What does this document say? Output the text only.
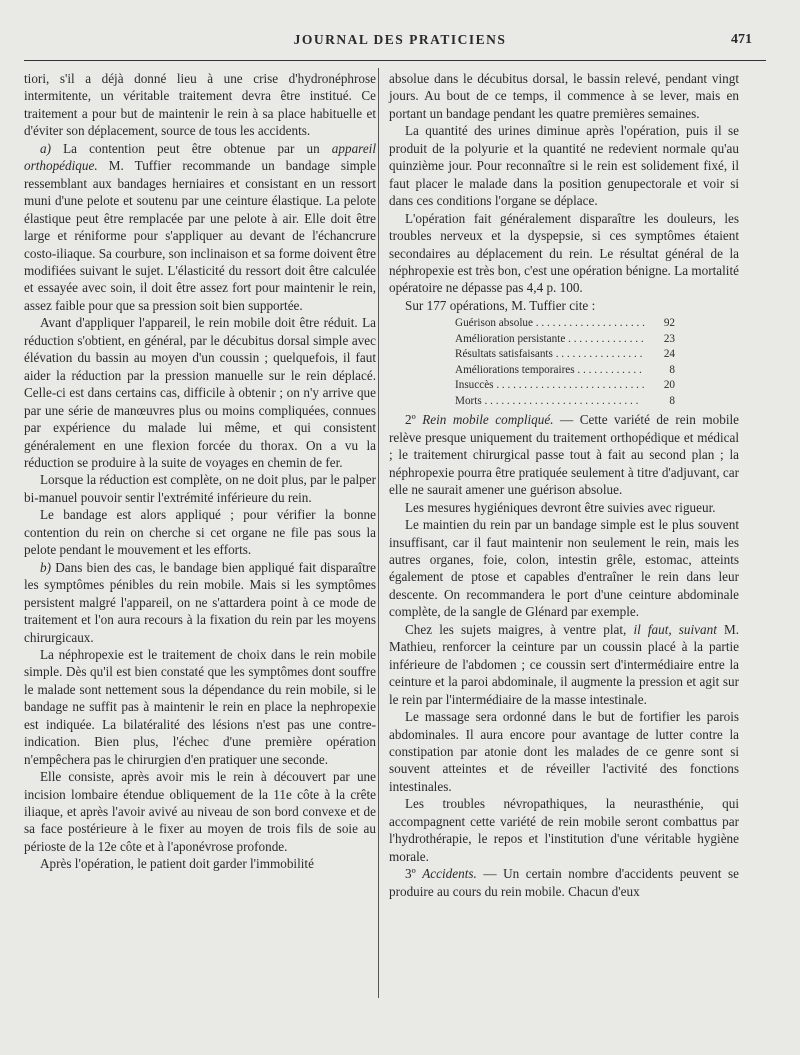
JOURNAL DES PRATICIENS	471

tiori, s'il a déjà donné lieu à une crise d'hydronéphrose intermitente, un véritable traitement devra être institué. Ce traitement a pour but de maintenir le rein à sa place habituelle et d'éviter son déplacement, source de tous les accidents.

a) La contention peut être obtenue par un appareil orthopédique. M. Tuffier recommande un bandage simple ressemblant aux bandages herniaires et consistant en un ressort muni d'une pelote et soutenu par une ceinture élastique. La pelote élastique peut être remplacée par une pelote à air. Elle doit être large et réniforme pour s'appliquer au devant de l'échancrure costo-iliaque. Sa courbure, son inclinaison et sa forme doivent être modifiées suivant le sujet. L'élasticité du ressort doit être calculée et essayée avec soin, il doit être assez fort pour maintenir le rein, assez faible pour que sa pression soit bien supportée.

Avant d'appliquer l'appareil, le rein mobile doit être réduit. La réduction s'obtient, en général, par le décubitus dorsal simple avec élévation du bassin au moyen d'un coussin ; quelquefois, il faut aider la réduction par la pression manuelle sur le rein déplacé. Celle-ci est dans certains cas, difficile à obtenir ; on n'y arrive que par une série de manœuvres plus ou moins compliquées, connues par expérience du malade lui même, et qui consistent généralement en une flexion forcée du thorax. On a vu la réduction se produire à la suite de voyages en chemin de fer.

Lorsque la réduction est complète, on ne doit plus, par le palper bi-manuel pouvoir sentir l'extrémité inférieure du rein.

Le bandage est alors appliqué ; pour vérifier la bonne contention du rein on cherche si cet organe ne file pas sous la pelote pendant le mouvement et les efforts.

b) Dans bien des cas, le bandage bien appliqué fait disparaître les symptômes pénibles du rein mobile. Mais si les symptômes persistent malgré l'appareil, on ne s'attardera point à ce mode de traitement et l'on aura recours à la fixation du rein par les moyens chirurgicaux.

La néphropexie est le traitement de choix dans le rein mobile simple. Dès qu'il est bien constaté que les symptômes dont souffre le malade sont nettement sous la dépendance du rein mobile, si le bandage ne suffit pas à maintenir le rein en place la nephropexie est indiquée. La bilatéralité des lésions n'est pas une contre-indication. Bien plus, l'échec d'une première opération n'empêchera pas le chirurgien d'en pratiquer une seconde.

Elle consiste, après avoir mis le rein à découvert par une incision lombaire étendue obliquement de la 11e côte à la crête iliaque, et après l'avoir avivé au niveau de son bord convexe et de sa face postérieure à le fixer au moyen de trois fils de soie au périoste de la 12e côte et à l'aponévrose profonde.

Après l'opération, le patient doit garder l'immobilité

absolue dans le décubitus dorsal, le bassin relevé, pendant vingt jours. Au bout de ce temps, il commence à se lever, mais en portant un bandage pendant les quatre premières semaines.

La quantité des urines diminue après l'opération, puis il se produit de la polyurie et la quantité ne redevient normale qu'au quinzième jour. Pour reconnaître si le rein est solidement fixé, il faut placer le malade dans la position genupectorale et voir si dans ces conditions l'organe se déplace.

L'opération fait généralement disparaître les douleurs, les troubles nerveux et la dyspepsie, si ces symptômes étaient secondaires au déplacement du rein. Le résultat général de la néphropexie est très bon, c'est une opération bénigne. La mortalité opératoire ne dépasse pas 4,4 p. 100.

Sur 177 opérations, M. Tuffier cite :

Guérison absolue . . .	92
Amélioration persistante . . .	23
Résultats satisfaisants . . .	24
Améliorations temporaires . . .	8
Insuccès . . .	20
Morts . . .	8

2º Rein mobile compliqué. — Cette variété de rein mobile relève presque uniquement du traitement orthopédique et médical ; le traitement chirurgical passe tout à fait au second plan ; la néphropexie pourra être pratiquée seulement à titre d'adjuvant, car elle ne saurait amener une guérison absolue.

Les mesures hygiéniques devront être suivies avec rigueur.

Le maintien du rein par un bandage simple est le plus souvent insuffisant, car il faut maintenir non seulement le rein, mais les autres organes, foie, colon, intestin grêle, estomac, atteints également de ptose et capables d'entraîner le rein dans leur descente. On recommandera le port d'une ceinture abdominale complète, de la sangle de Glénard par exemple.

Chez les sujets maigres, à ventre plat, il faut, suivant M. Mathieu, renforcer la ceinture par un coussin placé à la partie inférieure de l'abdomen ; ce coussin sert d'intermédiaire entre la ceinture et la paroi abdominale, il augmente la pression et agit sur le rein par l'intermédiaire de la masse intestinale.

Le massage sera ordonné dans le but de fortifier les parois abdominales. Il aura encore pour avantage de lutter contre la constipation par atonie dont les malades de ce genre sont si souvent atteintes et de réveiller l'activité des fonctions intestinales.

Les troubles névropathiques, la neurasthénie, qui accompagnent cette variété de rein mobile seront combattus par l'hydrothérapie, le repos et l'institution d'une véritable hygiène morale.

3º Accidents. — Un certain nombre d'accidents peuvent se produire au cours du rein mobile. Chacun d'eux
